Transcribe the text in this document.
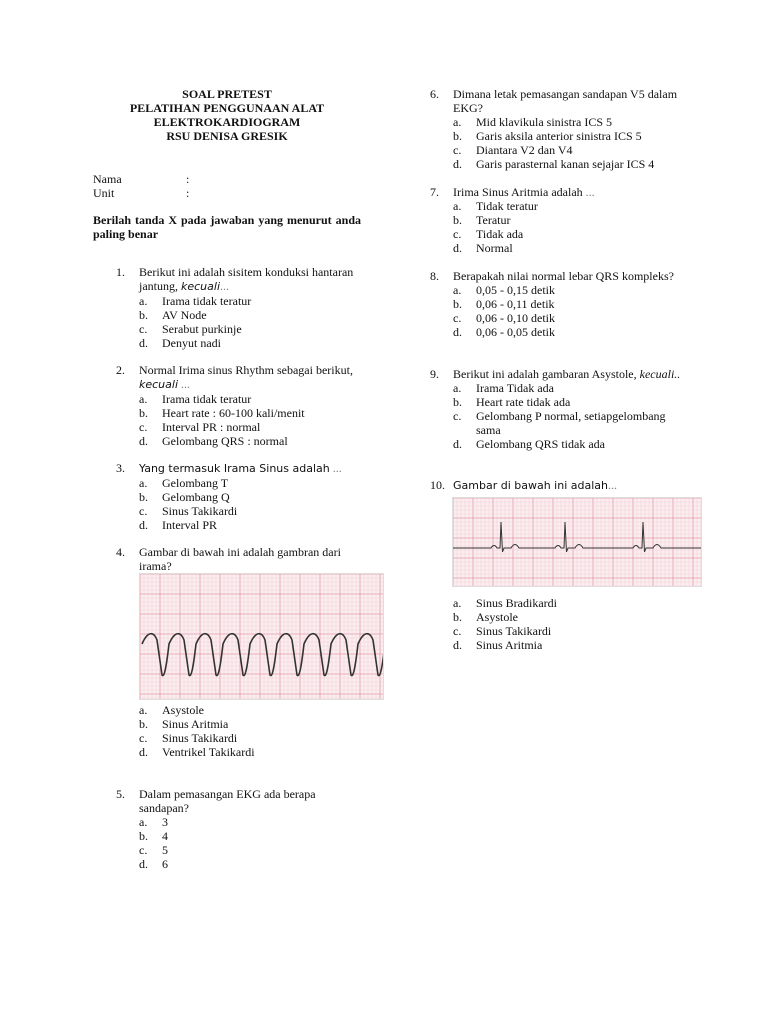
SOAL PRETEST
PELATIHAN PENGGUNAAN ALAT
ELEKTROKARDIOGRAM
RSU DENISA GRESIK
Nama	:
Unit	:
Berilah tanda X pada jawaban yang menurut anda paling benar
1.	Berikut ini adalah sisitem konduksi hantaran jantung, kecuali...
a.	Irama tidak teratur
b.	AV Node
c.	Serabut purkinje
d.	Denyut nadi
2.	Normal Irima sinus Rhythm sebagai berikut, kecuali ...
a.	Irama tidak teratur
b.	Heart rate : 60-100 kali/menit
c.	Interval PR : normal
d.	Gelombang QRS : normal
3.	Yang termasuk Irama Sinus adalah ...
a.	Gelombang T
b.	Gelombang Q
c.	Sinus Takikardi
d.	Interval PR
4.	Gambar di bawah ini adalah gambran dari irama?
a.	Asystole
b.	Sinus Aritmia
c.	Sinus Takikardi
d.	Ventrikel Takikardi
5.	Dalam pemasangan EKG ada berapa sandapan?
a.	3
b.	4
c.	5
d.	6
6.	Dimana letak pemasangan sandapan V5 dalam EKG?
a.	Mid klavikula sinistra ICS 5
b.	Garis aksila anterior sinistra ICS 5
c.	Diantara V2 dan V4
d.	Garis parasternal kanan sejajar ICS 4
7.	Irima Sinus Aritmia adalah ...
a.	Tidak teratur
b.	Teratur
c.	Tidak ada
d.	Normal
8.	Berapakah nilai normal lebar QRS kompleks?
a.	0,05 - 0,15 detik
b.	0,06 - 0,11 detik
c.	0,06 - 0,10 detik
d.	0,06 - 0,05 detik
9.	Berikut ini adalah gambaran Asystole, kecuali..
a.	Irama Tidak ada
b.	Heart rate tidak ada
c.	Gelombang P normal, setiapgelombang sama
d.	Gelombang QRS tidak ada
10. Gambar di bawah ini adalah...
a.	Sinus Bradikardi
b.	Asystole
c.	Sinus Takikardi
d.	Sinus Aritmia
